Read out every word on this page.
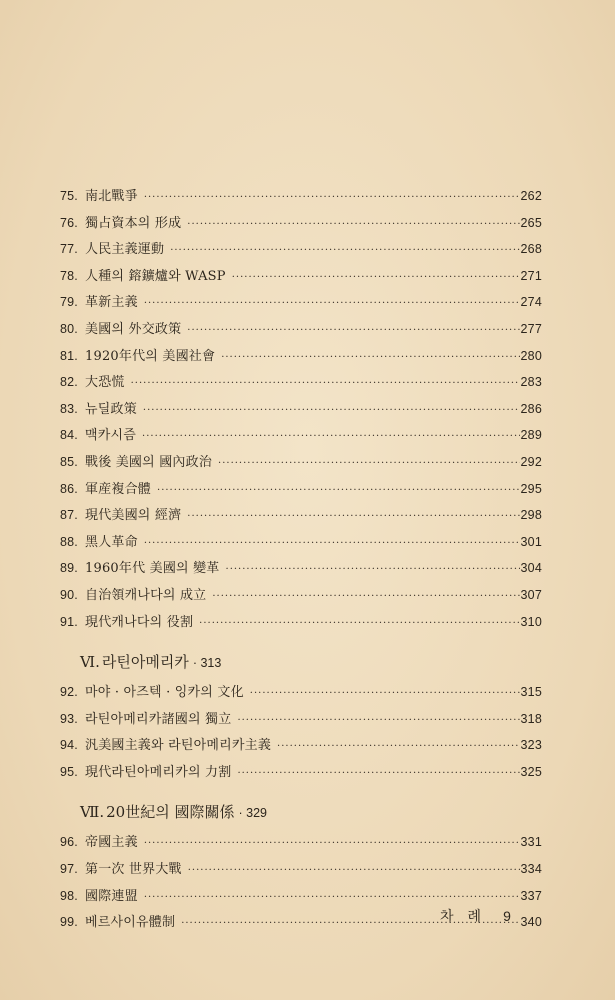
75. 南北戰爭 ·····	262
76. 獨占資本의 形成 ·····	265
77. 人民主義運動 ·····	268
78. 人種의 鎔鑛爐와 WASP ·····	271
79. 革新主義 ·····	274
80. 美國의 外交政策 ·····	277
81. 1920年代의 美國社會 ·····	280
82. 大恐慌 ·····	283
83. 뉴딜政策 ·····	286
84. 맥카시즘 ·····	289
85. 戰後 美國의 國內政治 ·····	292
86. 軍産複合體 ·····	295
87. 現代美國의 經濟 ·····	298
88. 黑人革命 ·····	301
89. 1960年代 美國의 變革 ·····	304
90. 自治領캐나다의 成立 ·····	307
91. 現代캐나다의 役割 ·····	310
Ⅵ. 라틴아메리카 · 313
92. 마야 · 아즈텍 · 잉카의 文化 ·····	315
93. 라틴아메리카諸國의 獨立 ·····	318
94. 汎美國主義와 라틴아메리카主義 ·····	323
95. 現代라틴아메리카의 力割 ·····	325
Ⅶ. 20世紀의 國際關係 · 329
96. 帝國主義 ·····	331
97. 第一次 世界大戰 ·····	334
98. 國際連盟 ·····	337
99. 베르사이유體制 ·····	340
차 례 9
